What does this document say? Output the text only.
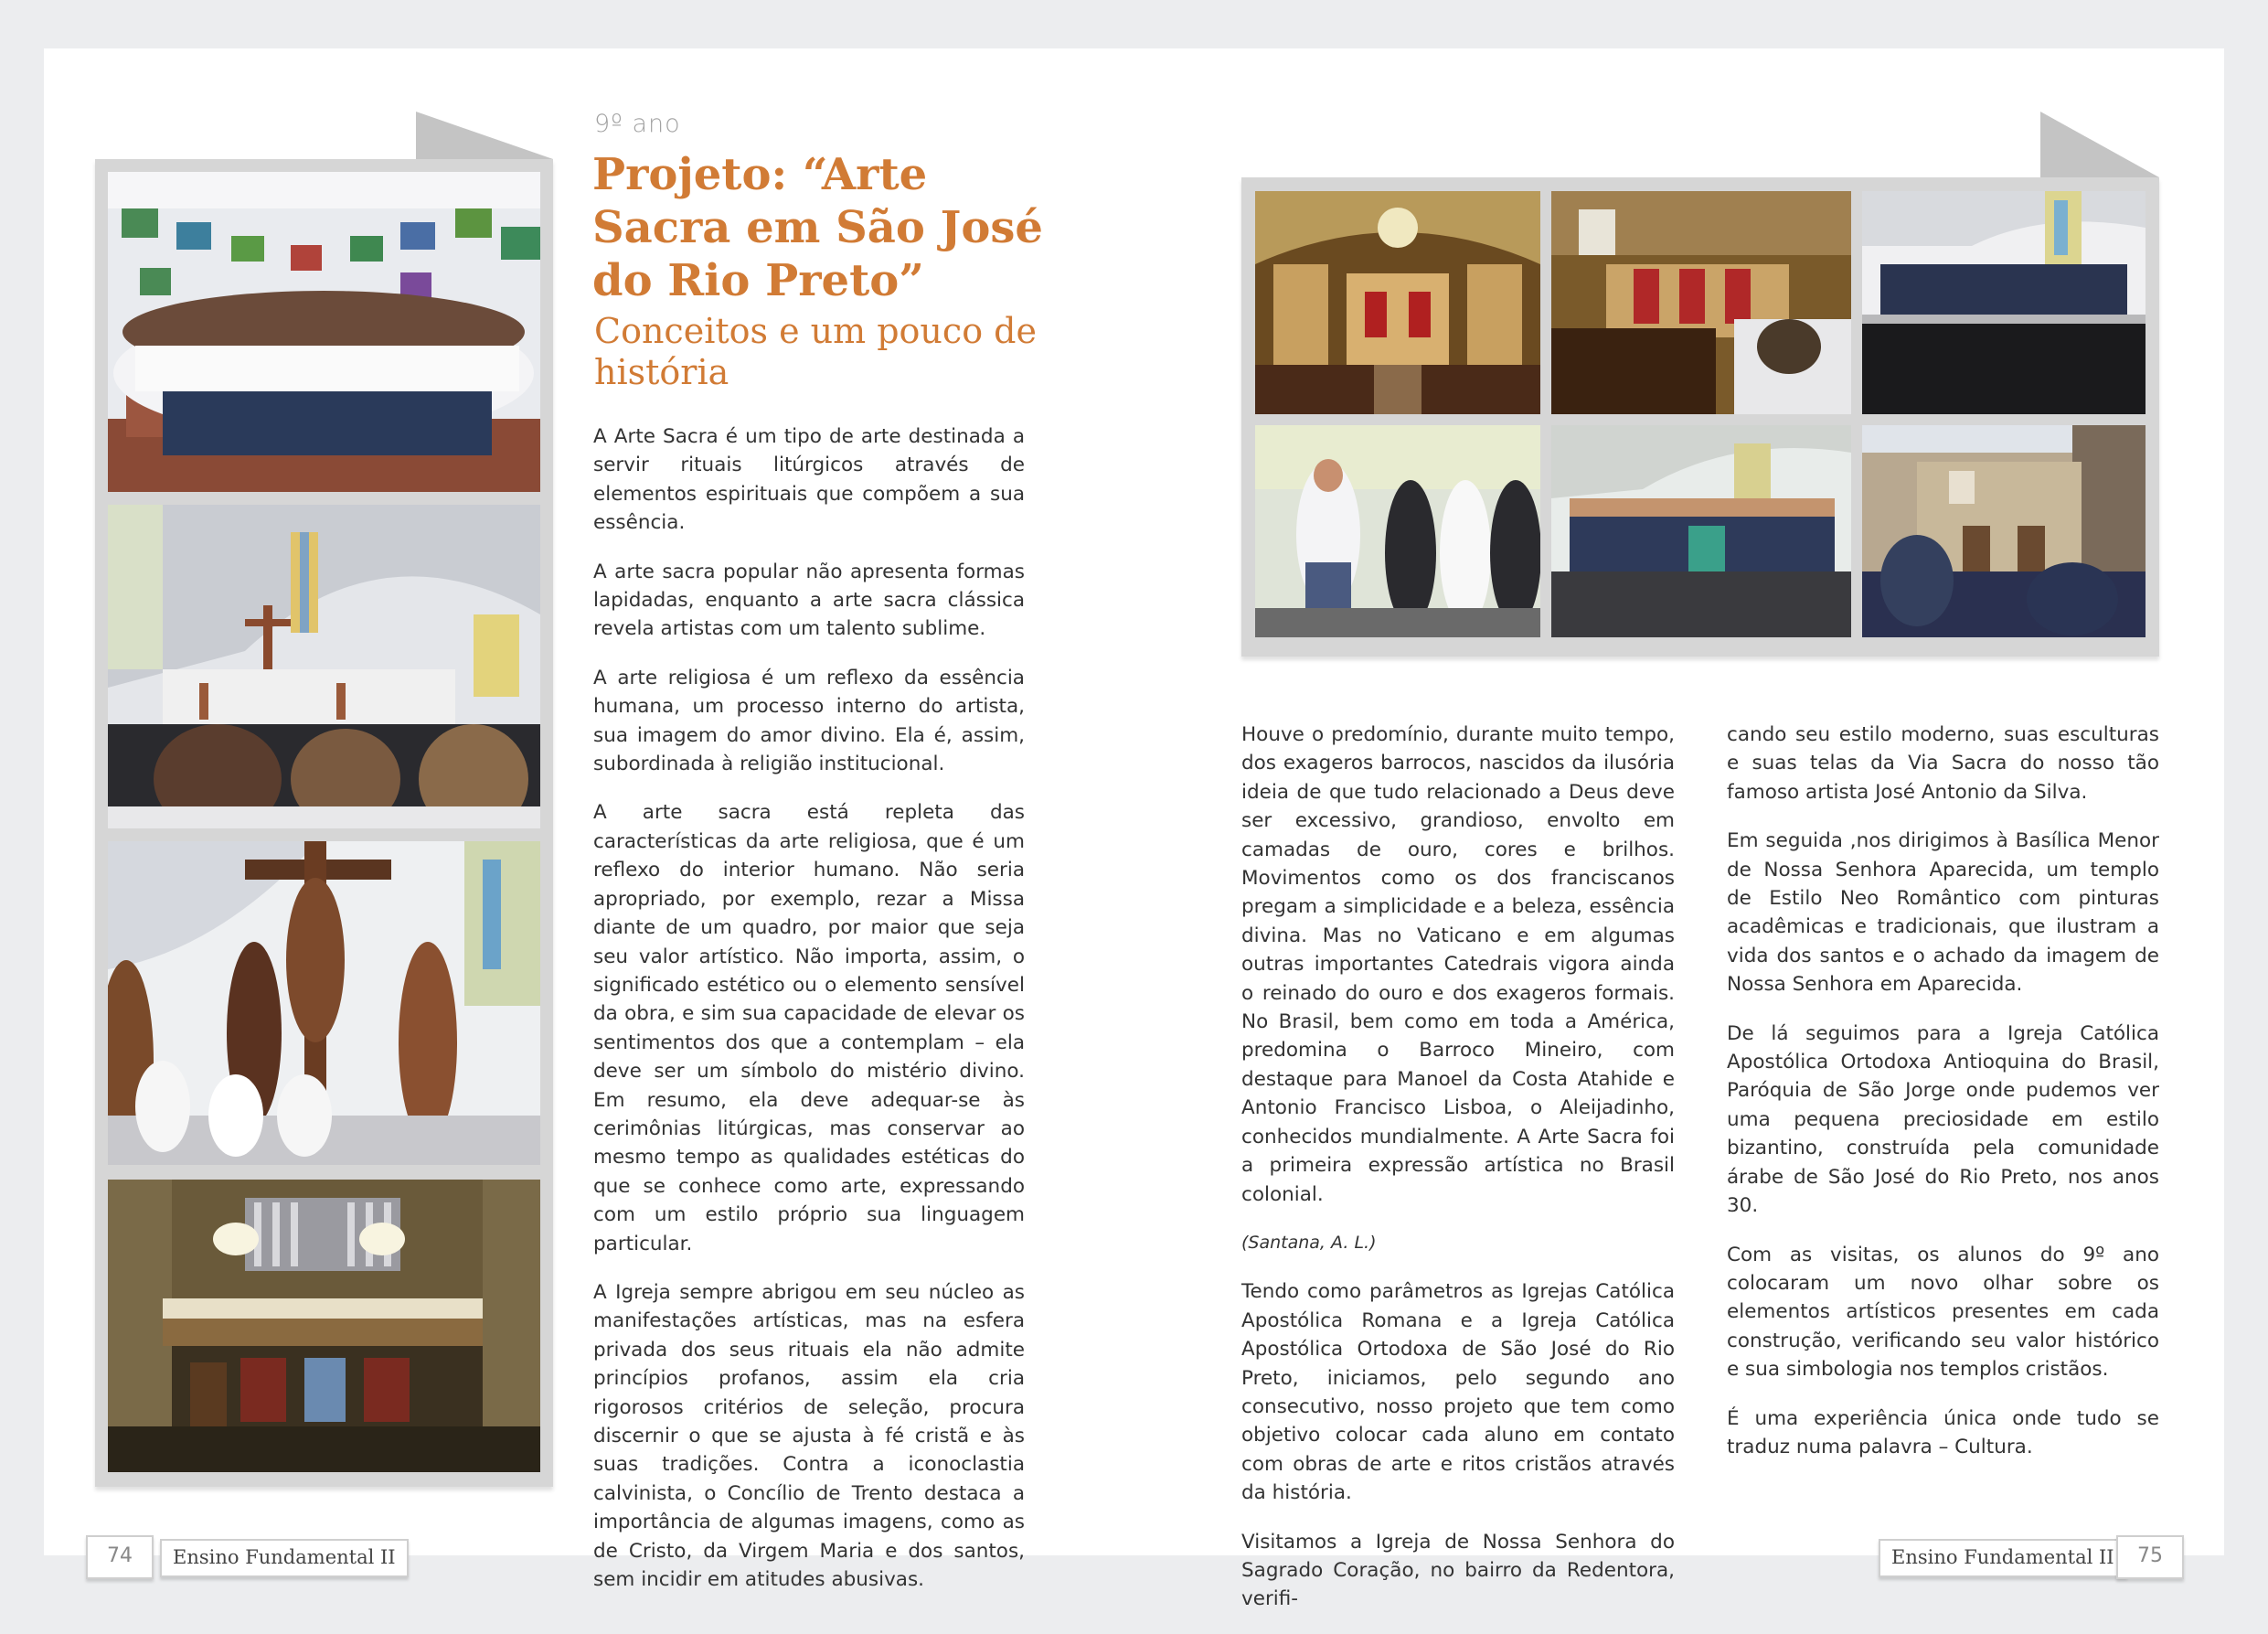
9º ano
Projeto: “Arte Sacra em São José do Rio Preto”
Conceitos e um pouco de história

A Arte Sacra é um tipo de arte destinada a servir rituais litúrgicos através de elementos espirituais que compõem a sua essência.

A arte sacra popular não apresenta formas lapidadas, enquanto a arte sacra clássica revela artistas com um talento sublime.

A arte religiosa é um reflexo da essência humana, um processo interno do artista, sua imagem do amor divino. Ela é, assim, subordinada à religião institucional.

A arte sacra está repleta das características da arte religiosa, que é um reflexo do interior humano. Não seria apropriado, por exemplo, rezar a Missa diante de um quadro, por maior que seja seu valor artístico. Não importa, assim, o significado estético ou o elemento sensível da obra, e sim sua capacidade de elevar os sentimentos dos que a contemplam – ela deve ser um símbolo do mistério divino. Em resumo, ela deve adequar-se às cerimônias litúrgicas, mas conservar ao mesmo tempo as qualidades estéticas do que se conhece como arte, expressando com um estilo próprio sua linguagem particular.

A Igreja sempre abrigou em seu núcleo as manifestações artísticas, mas na esfera privada dos seus rituais ela não admite princípios profanos, assim ela cria rigorosos critérios de seleção, procura discernir o que se ajusta à fé cristã e às suas tradições. Contra a iconoclastia calvinista, o Concílio de Trento destaca a importância de algumas imagens, como as de Cristo, da Virgem Maria e dos santos, sem incidir em atitudes abusivas.

Houve o predomínio, durante muito tempo, dos exageros barrocos, nascidos da ilusória ideia de que tudo relacionado a Deus deve ser excessivo, grandioso, envolto em camadas de ouro, cores e brilhos. Movimentos como os dos franciscanos pregam a simplicidade e a beleza, essência divina. Mas no Vaticano e em algumas outras importantes Catedrais vigora ainda o reinado do ouro e dos exageros formais. No Brasil, bem como em toda a América, predomina o Barroco Mineiro, com destaque para Manoel da Costa Atahide e Antonio Francisco Lisboa, o Aleijadinho, conhecidos mundialmente. A Arte Sacra foi a primeira expressão artística no Brasil colonial.

(Santana, A. L.)

Tendo como parâmetros as Igrejas Católica Apostólica Romana e a Igreja Católica Apostólica Ortodoxa de São José do Rio Preto, iniciamos, pelo segundo ano consecutivo, nosso projeto que tem como objetivo colocar cada aluno em contato com obras de arte e ritos cristãos através da história.

Visitamos a Igreja de Nossa Senhora do Sagrado Coração, no bairro da Redentora, verifi-

cando seu estilo moderno, suas esculturas e suas telas da Via Sacra do nosso tão famoso artista José Antonio da Silva.

Em seguida ,nos dirigimos à Basílica Menor de Nossa Senhora Aparecida, um templo de Estilo Neo Romântico com pinturas acadêmicas e tradicionais, que ilustram a vida dos santos e o achado da imagem de Nossa Senhora em Aparecida.

De lá seguimos para a Igreja Católica Apostólica Ortodoxa Antioquina do Brasil, Paróquia de São Jorge onde pudemos ver uma pequena preciosidade em estilo bizantino, construída pela comunidade árabe de São José do Rio Preto, nos anos 30.

Com as visitas, os alunos do 9º ano colocaram um novo olhar sobre os elementos artísticos presentes em cada construção, verificando seu valor histórico e sua simbologia nos templos cristãos.

É uma experiência única onde tudo se traduz numa palavra – Cultura.

74	Ensino Fundamental II	Ensino Fundamental II	75
